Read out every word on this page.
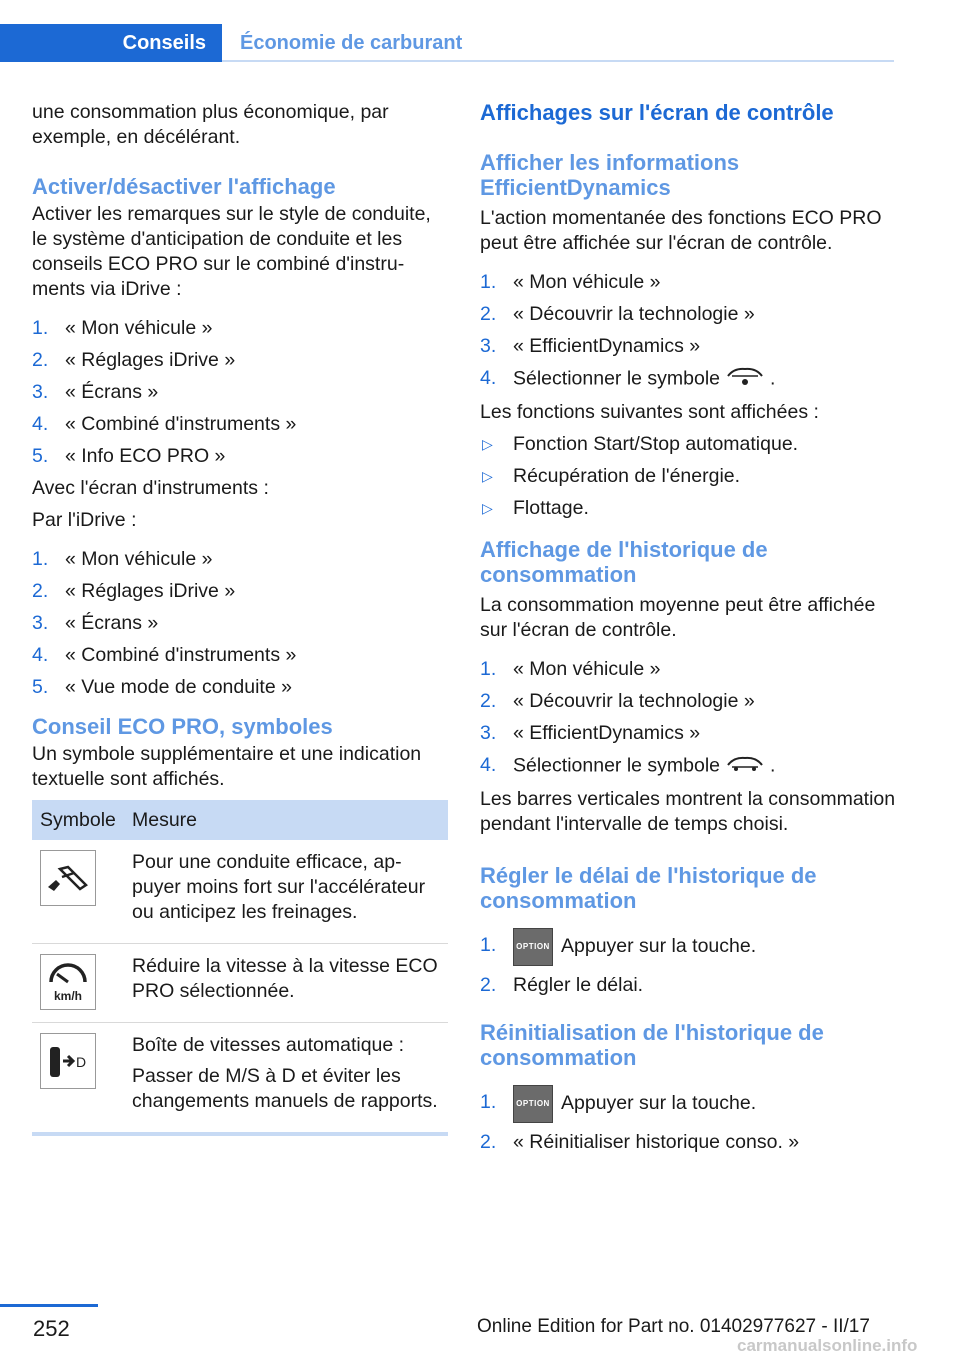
Conseils	Économie de carburant

une consommation plus économique, par exemple, en décélérant.

Activer/désactiver l'affichage

Activer les remarques sur le style de conduite, le système d'anticipation de conduite et les conseils ECO PRO sur le combiné d'instruments via iDrive :

1. « Mon véhicule »
2. « Réglages iDrive »
3. « Écrans »
4. « Combiné d'instruments »
5. « Info ECO PRO »

Avec l'écran d'instruments :

Par l'iDrive :

1. « Mon véhicule »
2. « Réglages iDrive »
3. « Écrans »
4. « Combiné d'instruments »
5. « Vue mode de conduite »
Conseil ECO PRO, symboles

Un symbole supplémentaire et une indication textuelle sont affichés.

Symbole	Mesure

Pour une conduite efficace, appuyer moins fort sur l'accélérateur ou anticipez les freinages.

km/h	Réduire la vitesse à la vitesse ECO PRO sélectionnée.

D	Boîte de vitesses automatique :

Passer de M/S à D et éviter les changements manuels de rapports.

Affichages sur l'écran de contrôle
Afficher les informations EfficientDynamics

L'action momentanée des fonctions ECO PRO peut être affichée sur l'écran de contrôle.

1. « Mon véhicule »
2. « Découvrir la technologie »
3. « EfficientDynamics »
4. Sélectionner le symbole	.

Les fonctions suivantes sont affichées :

▷ Fonction Start/Stop automatique.
▷ Récupération de l'énergie.
▷ Flottage.
Affichage de l'historique de consommation

La consommation moyenne peut être affichée sur l'écran de contrôle.

1. « Mon véhicule »
2. « Découvrir la technologie »
3. « EfficientDynamics »
4. Sélectionner le symbole	.

Les barres verticales montrent la consommation pendant l'intervalle de temps choisi.

Régler le délai de l'historique de consommation
1. OPTION Appuyer sur la touche.
2. Régler le délai.
Réinitialisation de l'historique de consommation
1. OPTION Appuyer sur la touche.
2. « Réinitialiser historique conso. »
252	Online Edition for Part no. 01402977627 - II/17
carmanualsonline.info
